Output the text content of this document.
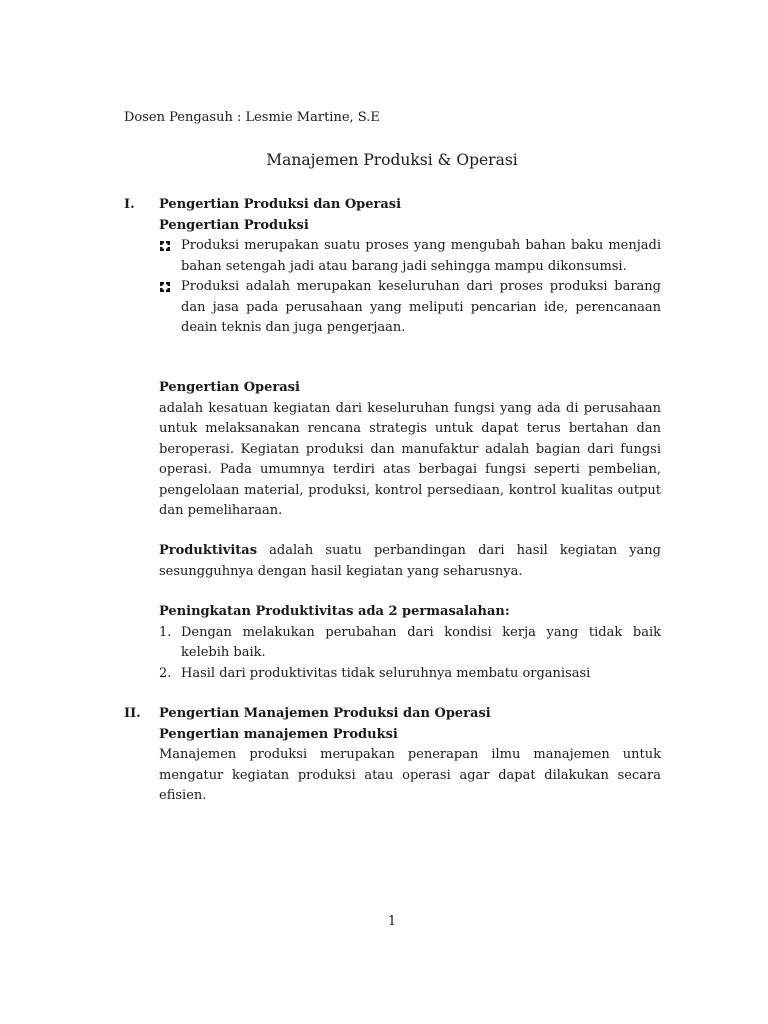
Dosen Pengasuh : Lesmie Martine, S.E
Manajemen Produksi & Operasi
I. Pengertian Produksi dan Operasi
Pengertian Produksi
Produksi merupakan suatu proses yang mengubah bahan baku menjadi bahan setengah jadi atau barang jadi sehingga mampu dikonsumsi.
Produksi adalah merupakan keseluruhan dari proses produksi barang dan jasa pada perusahaan yang meliputi pencarian ide, perencanaan deain teknis dan juga pengerjaan.
Pengertian Operasi
adalah kesatuan kegiatan dari keseluruhan fungsi yang ada di perusahaan untuk melaksanakan rencana strategis untuk dapat terus bertahan dan beroperasi. Kegiatan produksi dan manufaktur adalah bagian dari fungsi operasi. Pada umumnya terdiri atas berbagai fungsi seperti pembelian, pengelolaan material, produksi, kontrol persediaan, kontrol kualitas output dan pemeliharaan.
Produktivitas adalah suatu perbandingan dari hasil kegiatan yang sesungguhnya dengan hasil kegiatan yang seharusnya.
Peningkatan Produktivitas ada 2 permasalahan:
1. Dengan melakukan perubahan dari kondisi kerja yang tidak baik kelebih baik.
2. Hasil dari produktivitas tidak seluruhnya membatu organisasi
II. Pengertian Manajemen Produksi dan Operasi
Pengertian manajemen Produksi
Manajemen produksi merupakan penerapan ilmu manajemen untuk mengatur kegiatan produksi atau operasi agar dapat dilakukan secara efisien.
1
